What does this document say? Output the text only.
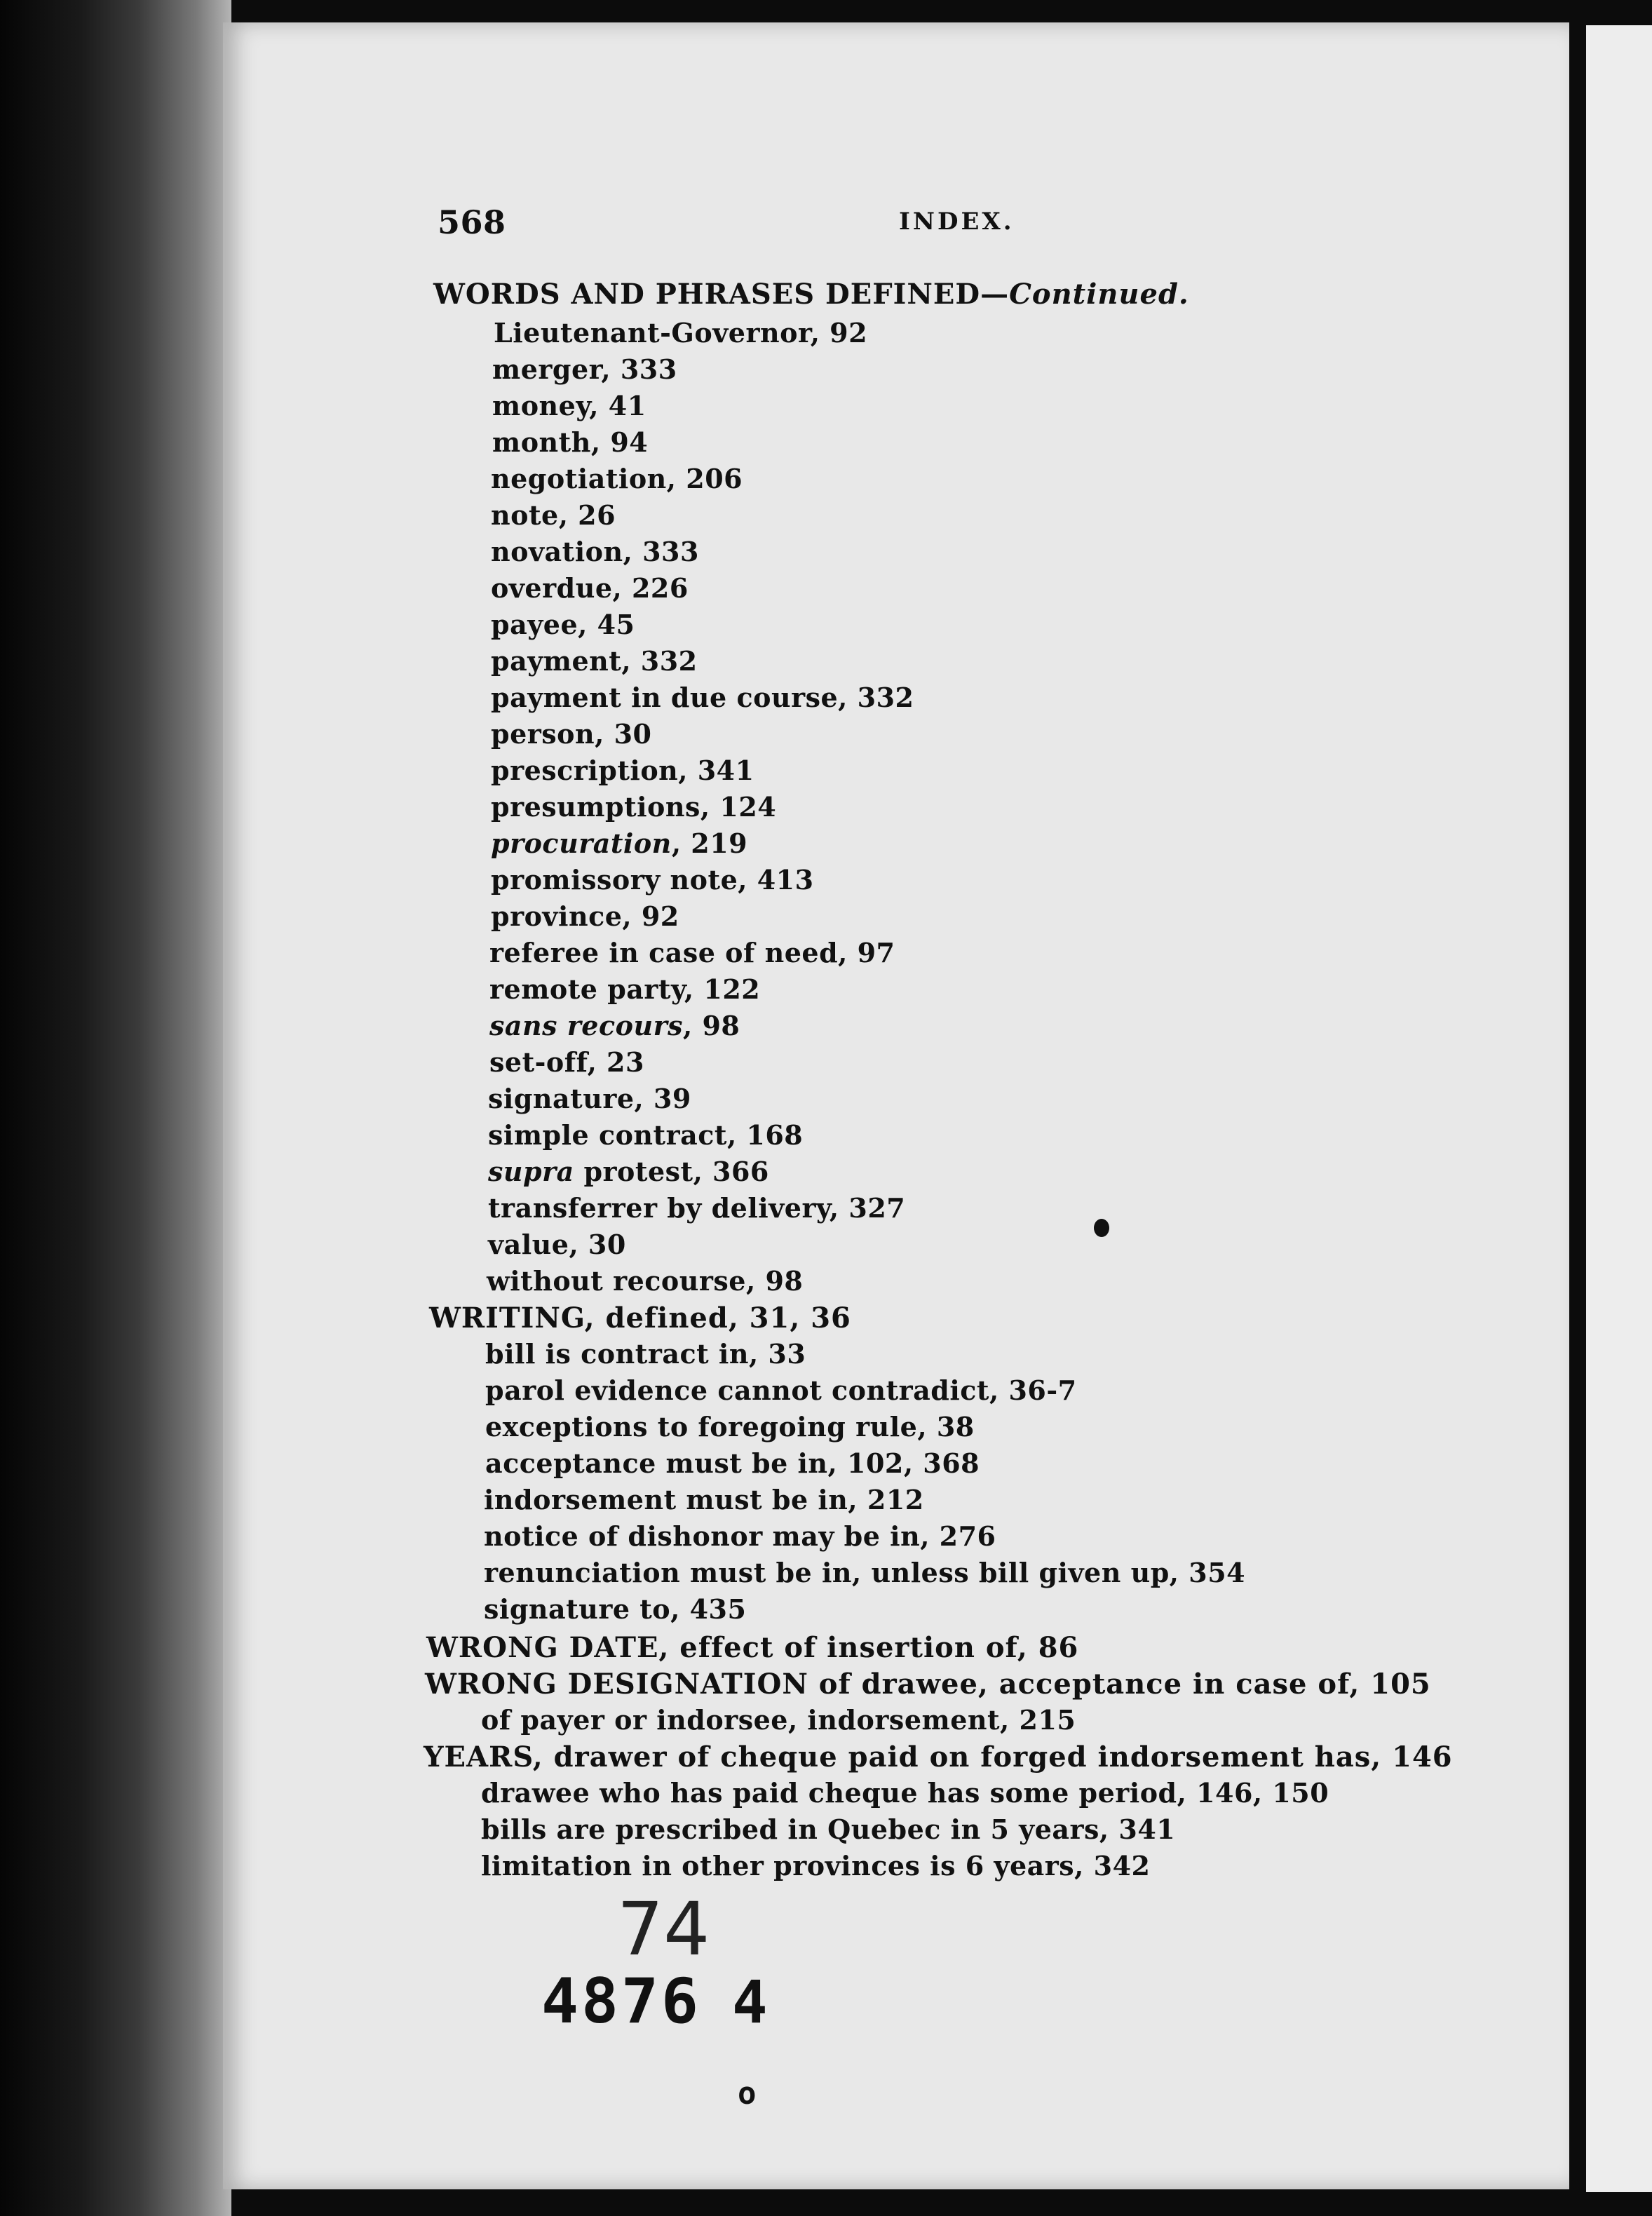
568	INDEX.
WORDS AND PHRASES DEFINED—Continued.
Lieutenant-Governor, 92
merger, 333
money, 41
month, 94
negotiation, 206
note, 26
novation, 333
overdue, 226
payee, 45
payment, 332
payment in due course, 332
person, 30
prescription, 341
presumptions, 124
procuration, 219
promissory note, 413
province, 92
referee in case of need, 97
remote party, 122
sans recours, 98
set-off, 23
signature, 39
simple contract, 168
supra protest, 366
transferrer by delivery, 327
value, 30
without recourse, 98
WRITING, defined, 31, 36
bill is contract in, 33
parol evidence cannot contradict, 36-7
exceptions to foregoing rule, 38
acceptance must be in, 102, 368
indorsement must be in, 212
notice of dishonor may be in, 276
renunciation must be in, unless bill given up, 354
signature to, 435
WRONG DATE, effect of insertion of, 86
WRONG DESIGNATION of drawee, acceptance in case of, 105
of payer or indorsee, indorsement, 215
YEARS, drawer of cheque paid on forged indorsement has, 146
drawee who has paid cheque has some period, 146, 150
bills are prescribed in Quebec in 5 years, 341
limitation in other provinces is 6 years, 342
74
4876 4
o
